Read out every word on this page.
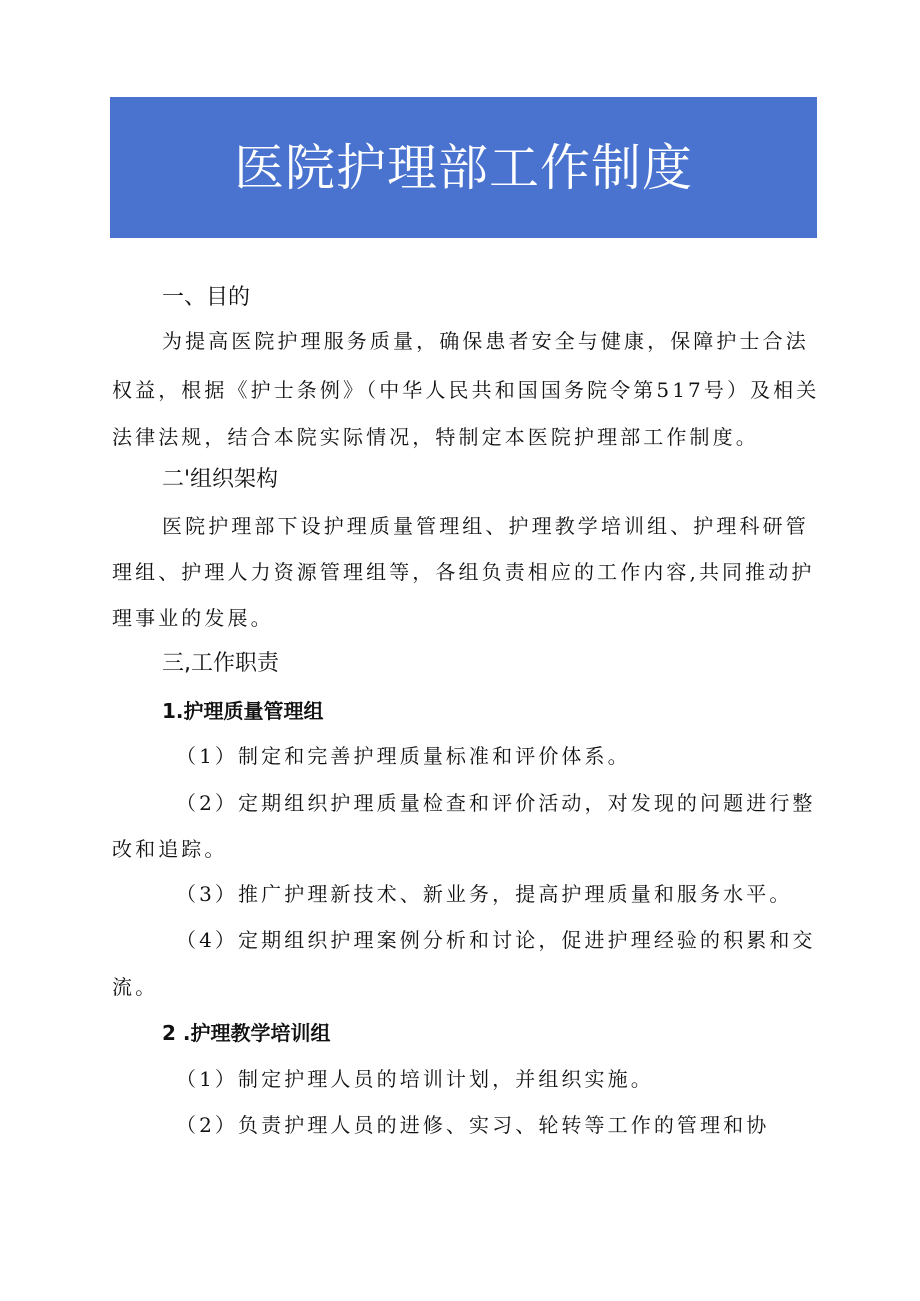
医院护理部工作制度
一、目的
为提高医院护理服务质量，确保患者安全与健康，保障护士合法
权益，根据《护士条例》（中华人民共和国国务院令第517号）及相关
法律法规，结合本院实际情况，特制定本医院护理部工作制度。
二'组织架构
医院护理部下设护理质量管理组、护理教学培训组、护理科研管
理组、护理人力资源管理组等，各组负责相应的工作内容,共同推动护
理事业的发展。
三,工作职责
1.护理质量管理组
（1）制定和完善护理质量标准和评价体系。
（2）定期组织护理质量检查和评价活动，对发现的问题进行整
改和追踪。
（3）推广护理新技术、新业务，提高护理质量和服务水平。
（4）定期组织护理案例分析和讨论，促进护理经验的积累和交
流。
2 .护理教学培训组
（1）制定护理人员的培训计划，并组织实施。
（2）负责护理人员的进修、实习、轮转等工作的管理和协
